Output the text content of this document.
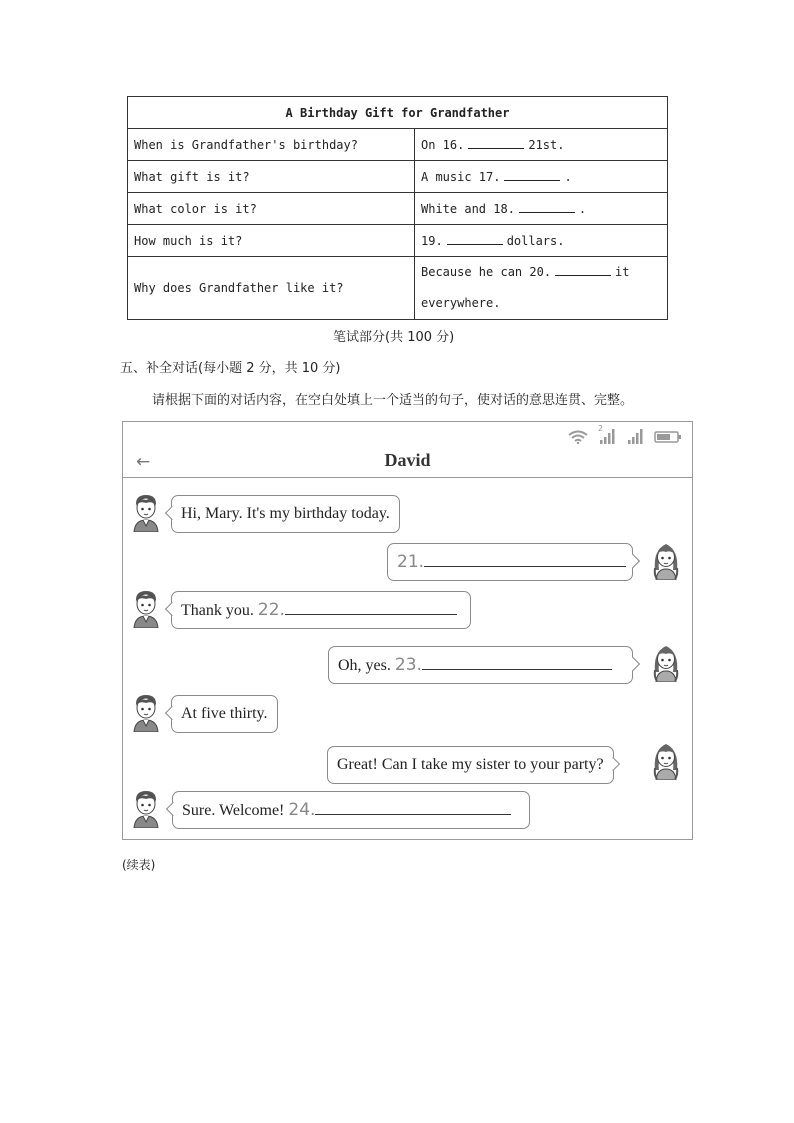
A Birthday Gift for Grandfather	
When is Grandfather's birthday?	On 16. 21st.
What gift is it?	A music 17. .
What color is it?	White and 18. .
How much is it?	19. dollars.
Why does Grandfather like it?	Because he can 20. it
everywhere.
笔试部分(共 100 分)
五、补全对话(每小题 2 分，共 10 分)
请根据下面的对话内容，在空白处填上一个适当的句子，使对话的意思连贯、完整。
2
←	David
Hi, Mary. It's my birthday today.
21.
Thank you. 22.
Oh, yes. 23.
At five thirty.
Great! Can I take my sister to your party?
Sure. Welcome! 24.
(续表)
